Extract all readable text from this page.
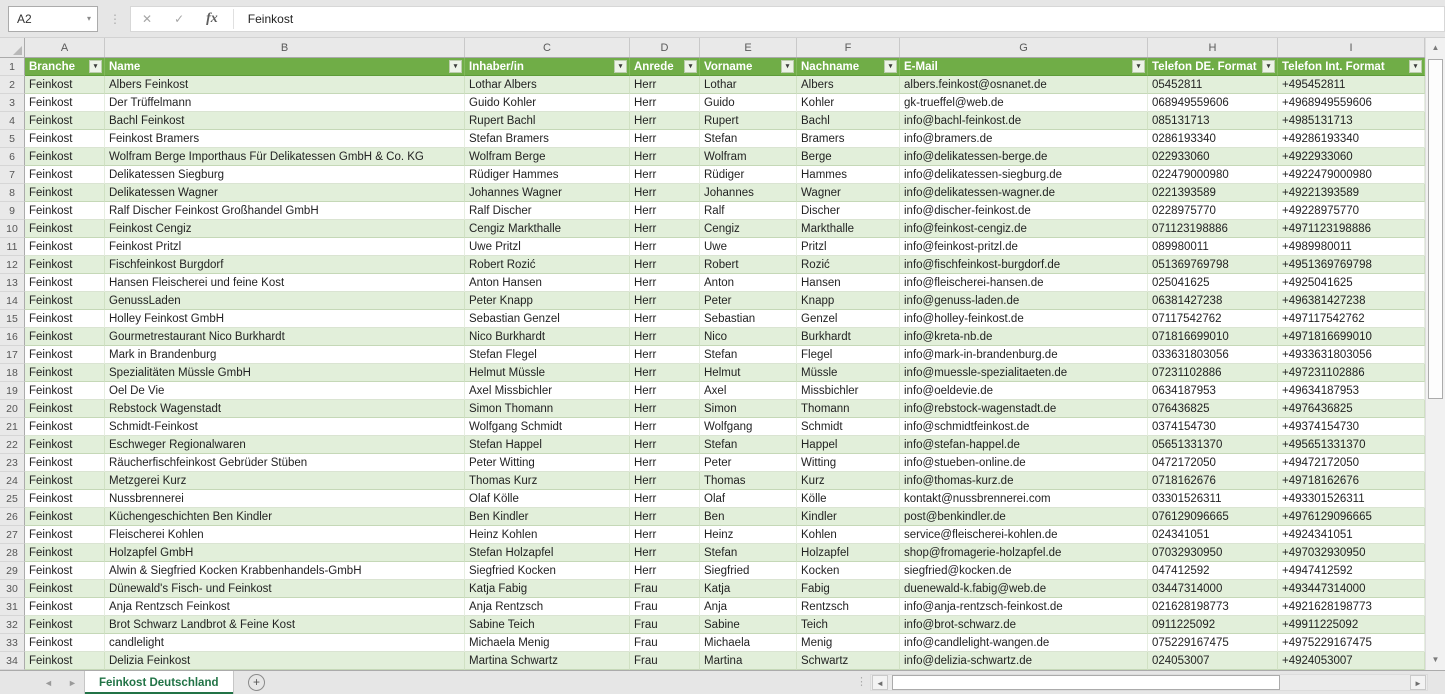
A2	▾	⋮	✕	✓	fx	Feinkost
A	B	C	D	E	F	G	H	I
1	Branche	▾	Name	▾	Inhaber/in	▾	Anrede	▾	Vorname	▾	Nachname	▾	E-Mail	▾	Telefon DE. Format	▾	Telefon Int. Format	▾
2	Feinkost	Albers Feinkost	Lothar Albers	Herr	Lothar	Albers	albers.feinkost@osnanet.de	05452811	+495452811
3	Feinkost	Der Trüffelmann	Guido Kohler	Herr	Guido	Kohler	gk-trueffel@web.de	068949559606	+4968949559606
4	Feinkost	Bachl Feinkost	Rupert Bachl	Herr	Rupert	Bachl	info@bachl-feinkost.de	085131713	+4985131713
5	Feinkost	Feinkost Bramers	Stefan Bramers	Herr	Stefan	Bramers	info@bramers.de	0286193340	+49286193340
6	Feinkost	Wolfram Berge Importhaus Für Delikatessen GmbH & Co. KG	Wolfram Berge	Herr	Wolfram	Berge	info@delikatessen-berge.de	022933060	+4922933060
7	Feinkost	Delikatessen Siegburg	Rüdiger Hammes	Herr	Rüdiger	Hammes	info@delikatessen-siegburg.de	022479000980	+4922479000980
8	Feinkost	Delikatessen Wagner	Johannes Wagner	Herr	Johannes	Wagner	info@delikatessen-wagner.de	0221393589	+49221393589
9	Feinkost	Ralf Discher Feinkost Großhandel GmbH	Ralf Discher	Herr	Ralf	Discher	info@discher-feinkost.de	0228975770	+49228975770
10 Feinkost	Feinkost Cengiz	Cengiz Markthalle	Herr	Cengiz	Markthalle	info@feinkost-cengiz.de	071123198886	+4971123198886
11	Feinkost	Feinkost Pritzl	Uwe Pritzl	Herr	Uwe	Pritzl	info@feinkost-pritzl.de	089980011	+4989980011
12 Feinkost	Fischfeinkost Burgdorf	Robert Rozić	Herr	Robert	Rozić	info@fischfeinkost-burgdorf.de	051369769798	+4951369769798
13 Feinkost	Hansen Fleischerei und feine Kost	Anton Hansen	Herr	Anton	Hansen	info@fleischerei-hansen.de	025041625	+4925041625
14 Feinkost	GenussLaden	Peter Knapp	Herr	Peter	Knapp	info@genuss-laden.de	06381427238	+496381427238
15 Feinkost	Holley Feinkost GmbH	Sebastian Genzel	Herr	Sebastian	Genzel	info@holley-feinkost.de	07117542762	+497117542762
16 Feinkost	Gourmetrestaurant Nico Burkhardt	Nico Burkhardt	Herr	Nico	Burkhardt	info@kreta-nb.de	071816699010	+4971816699010
17 Feinkost	Mark in Brandenburg	Stefan Flegel	Herr	Stefan	Flegel	info@mark-in-brandenburg.de	033631803056	+4933631803056
18 Feinkost	Spezialitäten Müssle GmbH	Helmut Müssle	Herr	Helmut	Müssle	info@muessle-spezialitaeten.de	07231102886	+497231102886
19 Feinkost	Oel De Vie	Axel Missbichler	Herr	Axel	Missbichler	info@oeldevie.de	0634187953	+49634187953
20 Feinkost	Rebstock Wagenstadt	Simon Thomann	Herr	Simon	Thomann	info@rebstock-wagenstadt.de	076436825	+4976436825
21 Feinkost	Schmidt-Feinkost	Wolfgang Schmidt	Herr	Wolfgang	Schmidt	info@schmidtfeinkost.de	0374154730	+49374154730
22 Feinkost	Eschweger Regionalwaren	Stefan Happel	Herr	Stefan	Happel	info@stefan-happel.de	05651331370	+495651331370
23 Feinkost	Räucherfischfeinkost Gebrüder Stüben	Peter Witting	Herr	Peter	Witting	info@stueben-online.de	0472172050	+49472172050
24 Feinkost	Metzgerei Kurz	Thomas Kurz	Herr	Thomas	Kurz	info@thomas-kurz.de	0718162676	+49718162676
25 Feinkost	Nussbrennerei	Olaf Kölle	Herr	Olaf	Kölle	kontakt@nussbrennerei.com	03301526311	+493301526311
26 Feinkost	Küchengeschichten Ben Kindler	Ben Kindler	Herr	Ben	Kindler	post@benkindler.de	076129096665	+4976129096665
27 Feinkost	Fleischerei Kohlen	Heinz Kohlen	Herr	Heinz	Kohlen	service@fleischerei-kohlen.de	024341051	+4924341051
28 Feinkost	Holzapfel GmbH	Stefan Holzapfel	Herr	Stefan	Holzapfel	shop@fromagerie-holzapfel.de	07032930950	+497032930950
29 Feinkost	Alwin & Siegfried Kocken Krabbenhandels-GmbH	Siegfried Kocken	Herr	Siegfried	Kocken	siegfried@kocken.de	047412592	+4947412592
30 Feinkost	Dünewald's Fisch- und Feinkost	Katja Fabig	Frau	Katja	Fabig	duenewald-k.fabig@web.de	03447314000	+493447314000
31 Feinkost	Anja Rentzsch Feinkost	Anja Rentzsch	Frau	Anja	Rentzsch	info@anja-rentzsch-feinkost.de	021628198773	+4921628198773
32 Feinkost	Brot Schwarz Landbrot & Feine Kost	Sabine Teich	Frau	Sabine	Teich	info@brot-schwarz.de	0911225092	+49911225092
33 Feinkost	candlelight	Michaela Menig	Frau	Michaela	Menig	info@candlelight-wangen.de	075229167475	+4975229167475
34 Feinkost	Delizia Feinkost	Martina Schwartz	Frau	Martina	Schwartz	info@delizia-schwartz.de	024053007	+4924053007
▲
▼
◄ ►	Feinkost Deutschland	+	⋮	◄	►
